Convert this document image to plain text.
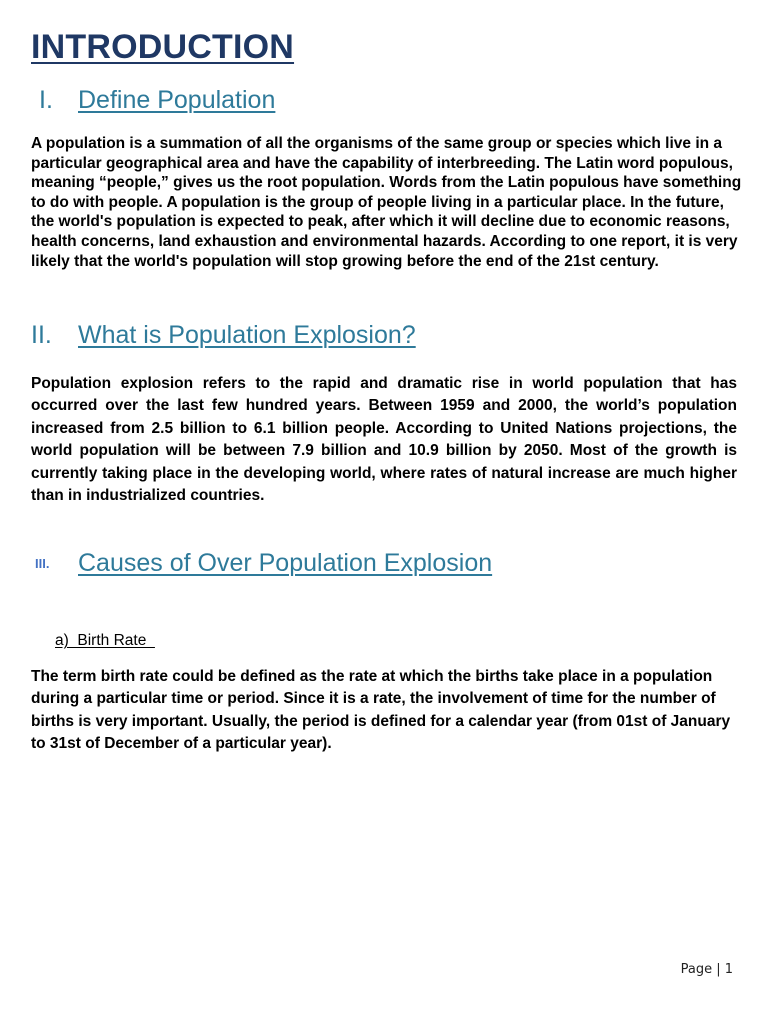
INTRODUCTION
I. Define Population

A population is a summation of all the organisms of the same group or species which live in a particular geographical area and have the capability of interbreeding. The Latin word populous, meaning “people,” gives us the root population. Words from the Latin populous have something to do with people. A population is the group of people living in a particular place. In the future, the world's population is expected to peak, after which it will decline due to economic reasons, health concerns, land exhaustion and environmental hazards. According to one report, it is very likely that the world's population will stop growing before the end of the 21st century.

II. What is Population Explosion?

Population explosion refers to the rapid and dramatic rise in world population that has occurred over the last few hundred years. Between 1959 and 2000, the world’s population increased from 2.5 billion to 6.1 billion people. According to United Nations projections, the world population will be between 7.9 billion and 10.9 billion by 2050. Most of the growth is currently taking place in the developing world, where rates of natural increase are much higher than in industrialized countries.

III. Causes of Over Population Explosion
a)  Birth Rate

The term birth rate could be defined as the rate at which the births take place in a population during a particular time or period. Since it is a rate, the involvement of time for the number of births is very important. Usually, the period is defined for a calendar year (from 01st of January to 31st of December of a particular year).

Page | 1
